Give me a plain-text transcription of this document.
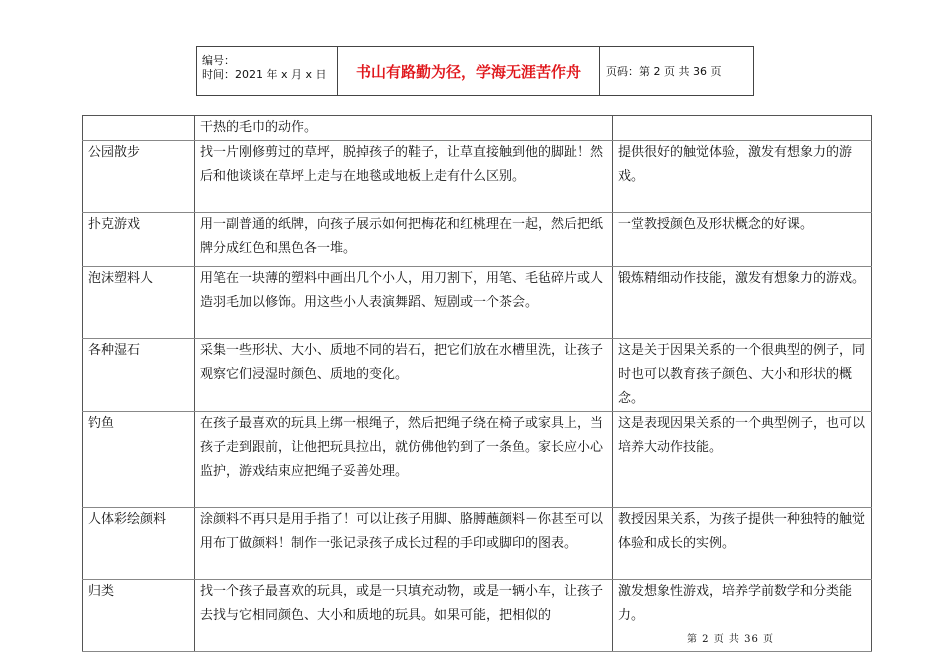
编号：
时间：2021 年 x 月 x 日	书山有路勤为径，学海无涯苦作舟	页码：第 2 页 共 36 页
	干热的毛巾的动作。	
公园散步	找一片刚修剪过的草坪，脱掉孩子的鞋子，让草直接触到他的脚趾！然后和他谈谈在草坪上走与在地毯或地板上走有什么区别。	提供很好的触觉体验，激发有想象力的游戏。
扑克游戏	用一副普通的纸牌，向孩子展示如何把梅花和红桃理在一起，然后把纸牌分成红色和黑色各一堆。	一堂教授颜色及形状概念的好课。
泡沫塑料人	用笔在一块薄的塑料中画出几个小人，用刀割下，用笔、毛毡碎片或人造羽毛加以修饰。用这些小人表演舞蹈、短剧或一个茶会。	锻炼精细动作技能，激发有想象力的游戏。
各种湿石	采集一些形状、大小、质地不同的岩石，把它们放在水槽里洗，让孩子观察它们浸湿时颜色、质地的变化。	这是关于因果关系的一个很典型的例子，同时也可以教育孩子颜色、大小和形状的概念。
钓鱼	在孩子最喜欢的玩具上绑一根绳子，然后把绳子绕在椅子或家具上，当孩子走到跟前，让他把玩具拉出，就仿佛他钓到了一条鱼。家长应小心监护，游戏结束应把绳子妥善处理。	这是表现因果关系的一个典型例子，也可以培养大动作技能。
人体彩绘颜料	涂颜料不再只是用手指了！可以让孩子用脚、胳膊蘸颜料－你甚至可以用布丁做颜料！制作一张记录孩子成长过程的手印或脚印的图表。	教授因果关系，为孩子提供一种独特的触觉体验和成长的实例。
归类	找一个孩子最喜欢的玩具，或是一只填充动物，或是一辆小车，让孩子去找与它相同颜色、大小和质地的玩具。如果可能，把相似的	激发想象性游戏，培养学前数学和分类能力。
第 2 页 共 36 页
